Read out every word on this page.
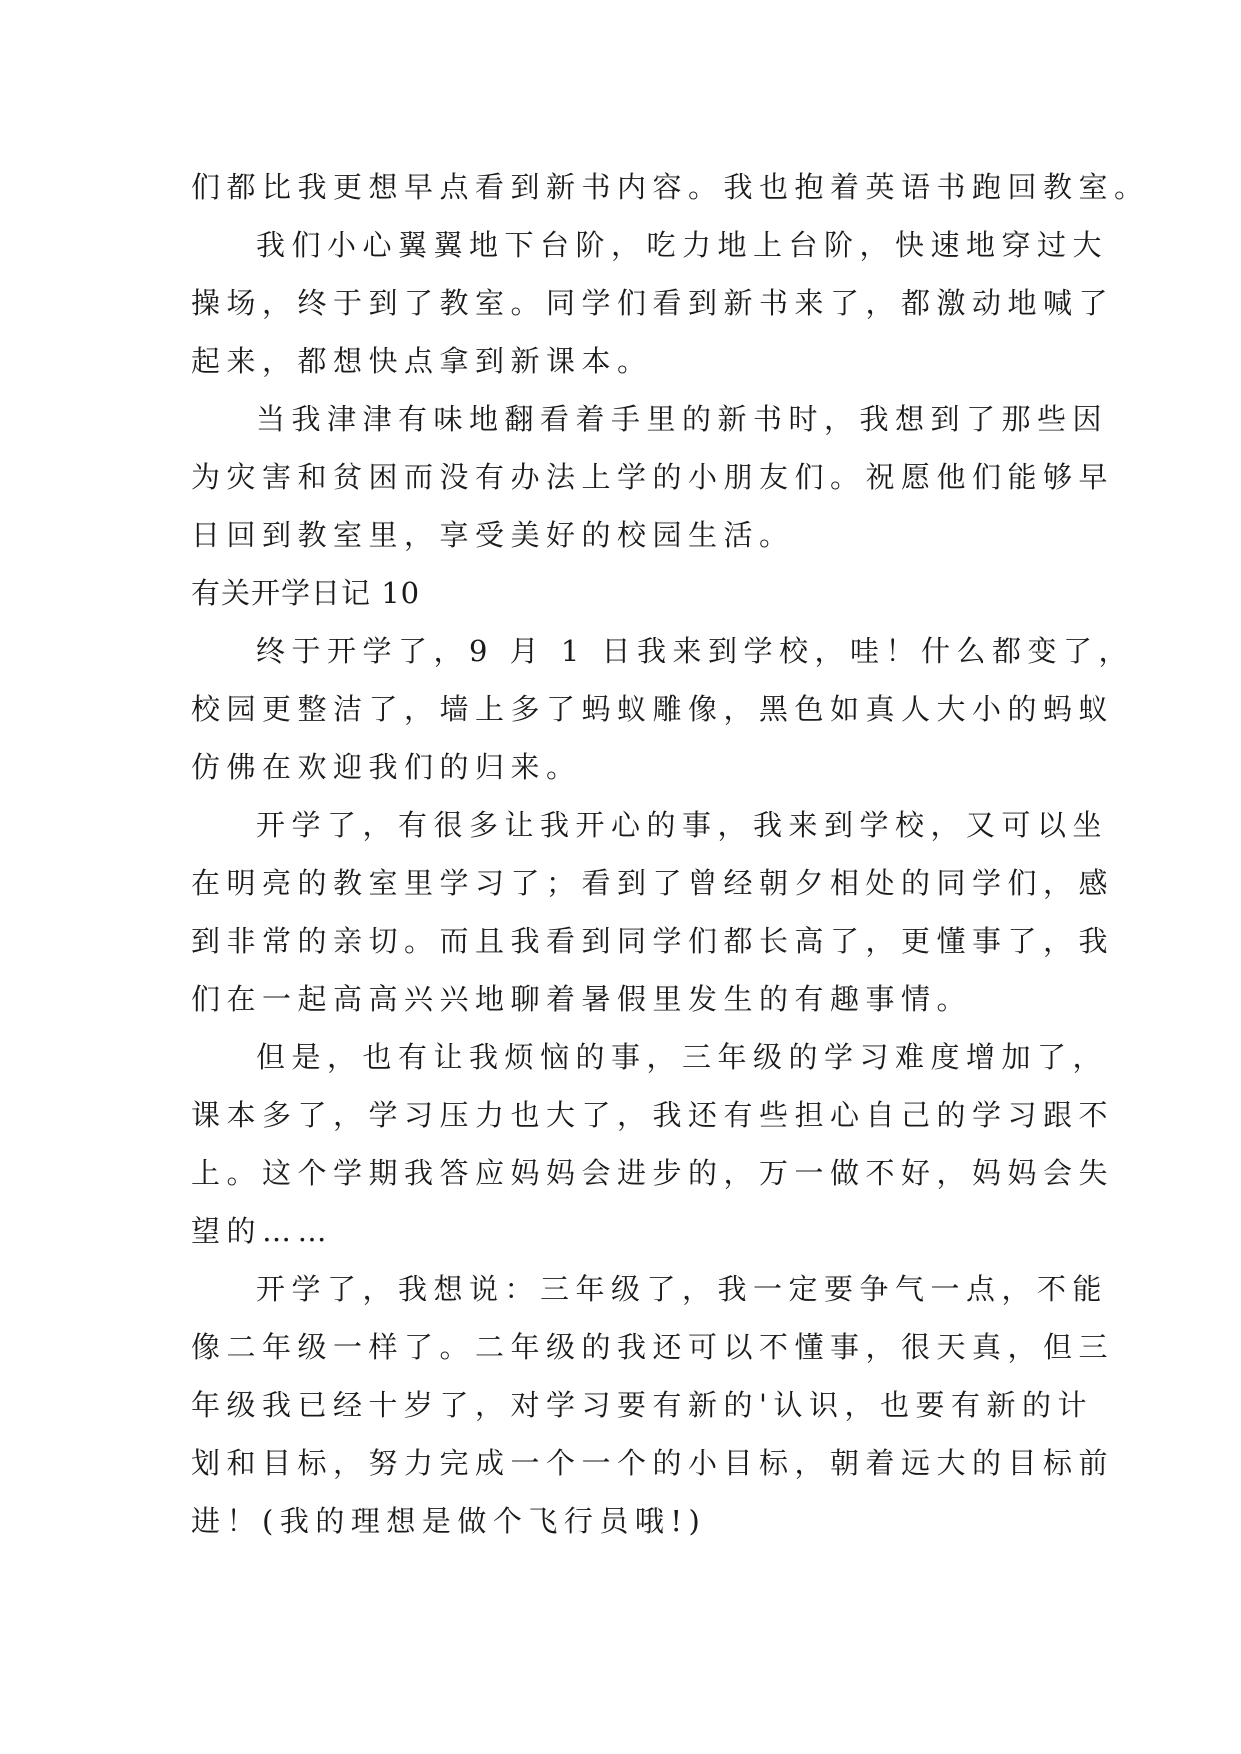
们都比我更想早点看到新书内容。我也抱着英语书跑回教室。
我们小心翼翼地下台阶，吃力地上台阶，快速地穿过大
操场，终于到了教室。同学们看到新书来了，都激动地喊了
起来，都想快点拿到新课本。
当我津津有味地翻看着手里的新书时，我想到了那些因
为灾害和贫困而没有办法上学的小朋友们。祝愿他们能够早
日回到教室里，享受美好的校园生活。
有关开学日记 10
终于开学了，9 月 1 日我来到学校，哇！什么都变了，
校园更整洁了，墙上多了蚂蚁雕像，黑色如真人大小的蚂蚁
仿佛在欢迎我们的归来。
开学了，有很多让我开心的事，我来到学校，又可以坐
在明亮的教室里学习了；看到了曾经朝夕相处的同学们，感
到非常的亲切。而且我看到同学们都长高了，更懂事了，我
们在一起高高兴兴地聊着暑假里发生的有趣事情。
但是，也有让我烦恼的事，三年级的学习难度增加了，
课本多了，学习压力也大了，我还有些担心自己的学习跟不
上。这个学期我答应妈妈会进步的，万一做不好，妈妈会失
望的……
开学了，我想说：三年级了，我一定要争气一点，不能
像二年级一样了。二年级的我还可以不懂事，很天真，但三
年级我已经十岁了，对学习要有新的'认识，也要有新的计
划和目标，努力完成一个一个的小目标，朝着远大的目标前
进！(我的理想是做个飞行员哦!)
